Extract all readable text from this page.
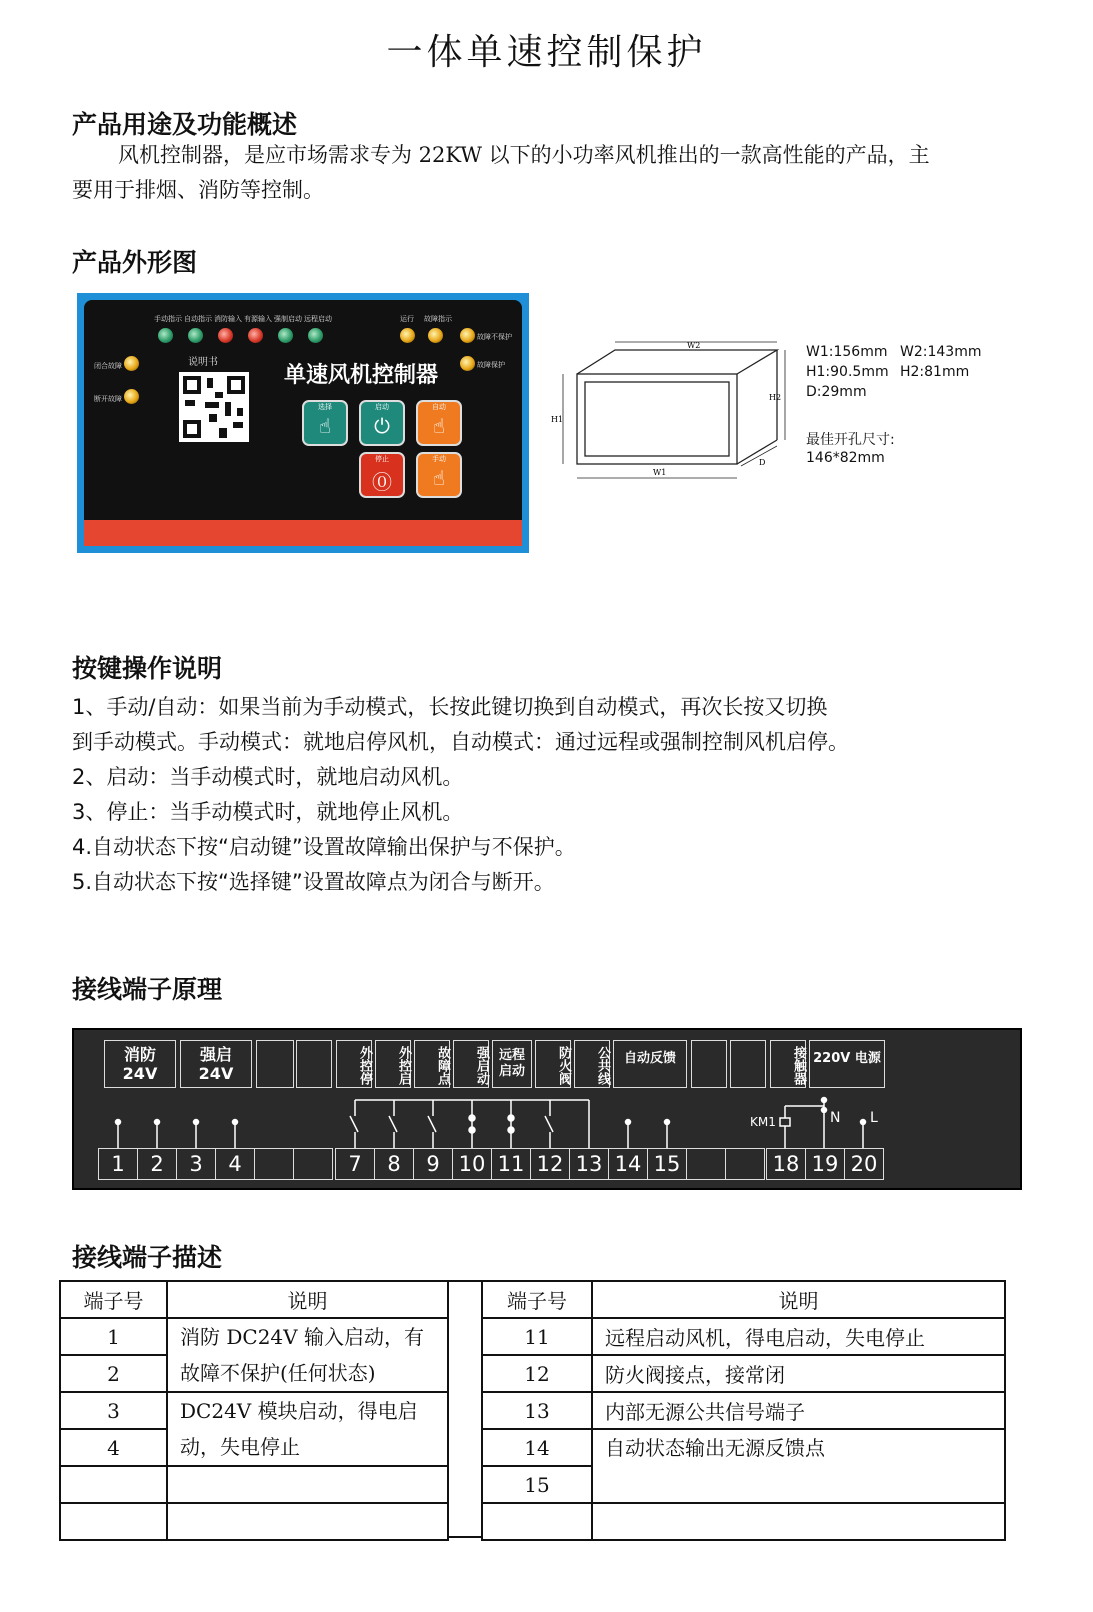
一体单速控制保护
产品用途及功能概述
风机控制器，是应市场需求专为 22KW 以下的小功率风机推出的一款高性能的产品，主
要用于排烟、消防等控制。
产品外形图
手动指示 自动指示 消防输入 有源输入 强制启动 远程启动	运行 故障指示
故障不保护
故障保护
闭合故障
断开故障
说明书
单速风机控制器
选择
☝
启动
⏻
自动
☝
停止
⓪
手动
☝
W2
H1
H2
W1
D
W1:156mm W2:143mm
H1:90.5mm H2:81mm
D:29mm
最佳开孔尺寸:
146*82mm
按键操作说明
1、手动/自动：如果当前为手动模式，长按此键切换到自动模式，再次长按又切换
到手动模式。手动模式：就地启停风机，自动模式：通过远程或强制控制风机启停。
2、启动：当手动模式时，就地启动风机。
3、停止：当手动模式时，就地停止风机。
4.自动状态下按“启动键”设置故障输出保护与不保护。
5.自动状态下按“选择键”设置故障点为闭合与断开。
接线端子原理
消防
24V
强启
24V	外控停	外控启	故障点	强启动 远程
启动	防火阀	公共线	自动反馈	接触器 220V 电源
KM1	N L
1	2	3	4	7	8	9 10 11 12 13 14 15	18 19 20
接线端子描述
端子号	说明
1	消防 DC24V 输入启动，有
故障不保护(任何状态)

2	
3	DC24V 模块启动，得电启
动，失电停止

4	

端子号	说明
11	远程启动风机，得电启动，失电停止
12	防火阀接点，接常闭
13	内部无源公共信号端子
14	自动状态输出无源反馈点
15	
